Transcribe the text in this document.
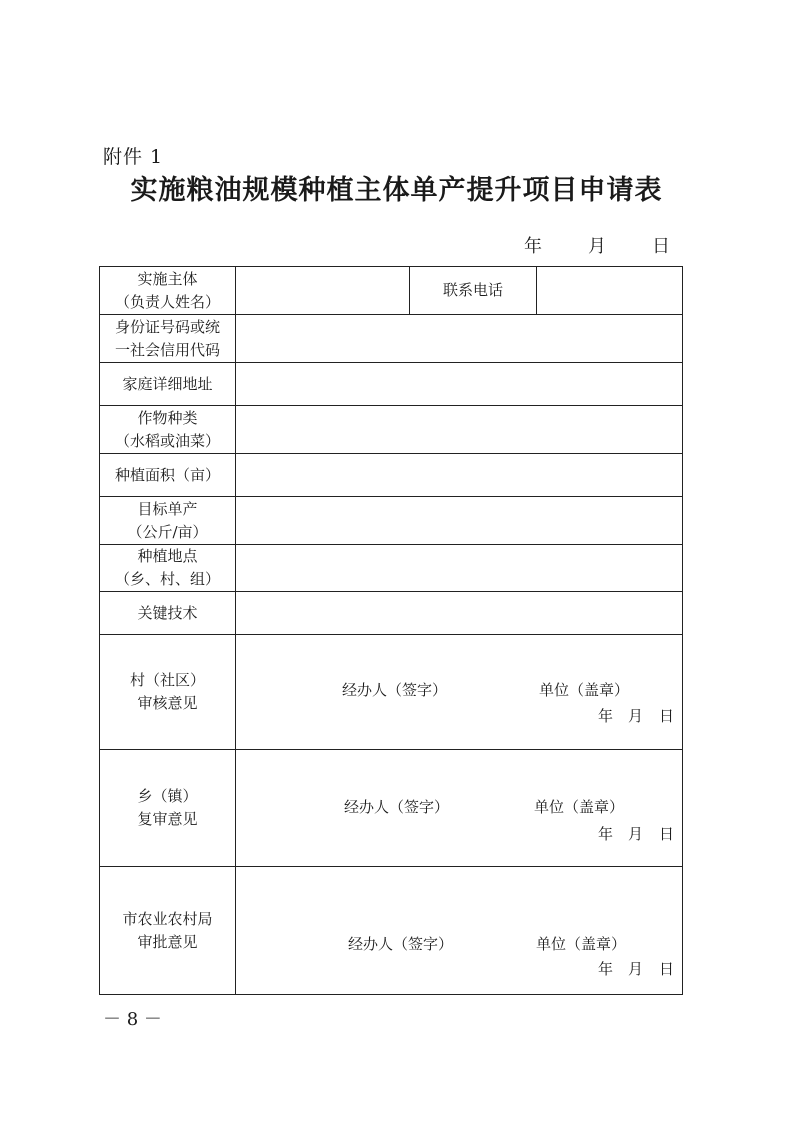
附件 1
实施粮油规模种植主体单产提升项目申请表
年	月	日
实施主体
（负责人姓名）		联系电话	

身份证号码或统
一社会信用代码			

家庭详细地址			

作物种类
（水稻或油菜）			

种植面积（亩）			

目标单产
（公斤/亩）			

种植地点
（乡、村、组）			

关键技术			

村（社区）
审核意见	经办人（签字） 单位（盖章）
年 月 日		

乡（镇）
复审意见	经办人（签字） 单位（盖章）
年 月 日		

市农业农村局
审批意见	经办人（签字） 单位（盖章）
年 月 日		
－ 8 －
